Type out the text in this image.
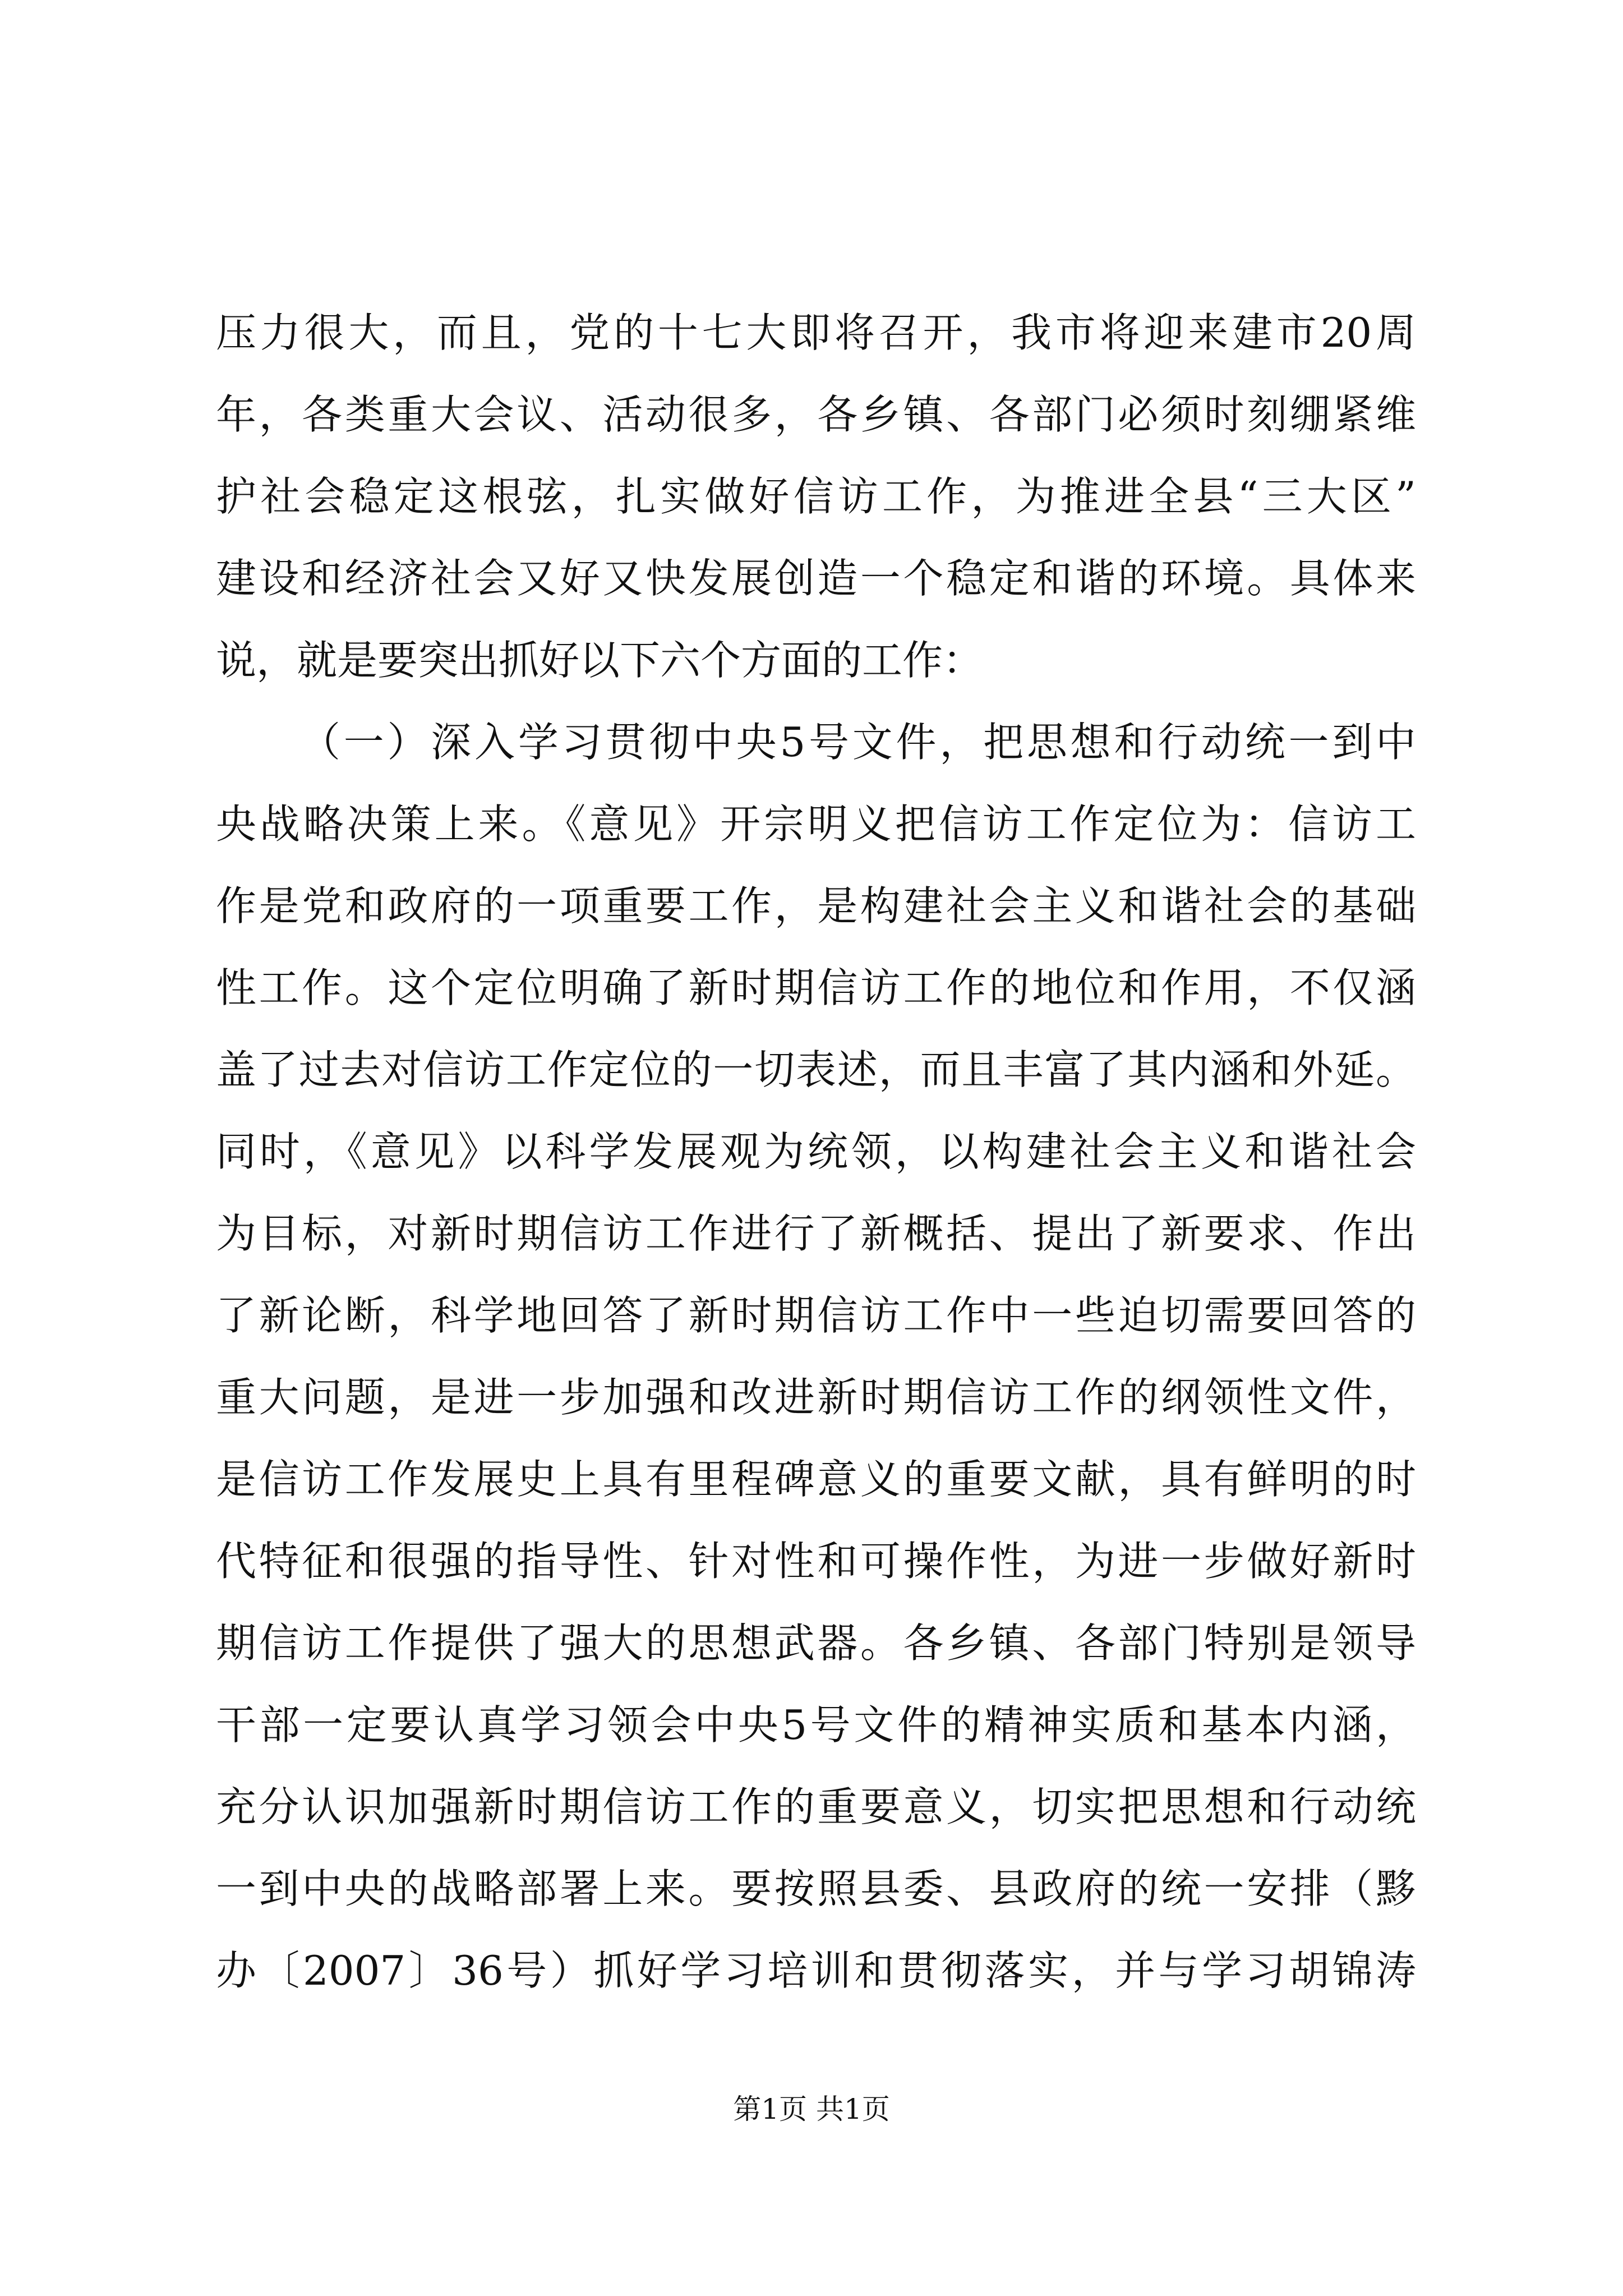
压力很大，而且，党的十七大即将召开，我市将迎来建市20周
年，各类重大会议、活动很多，各乡镇、各部门必须时刻绷紧维
护社会稳定这根弦，扎实做好信访工作，为推进全县“三大区”
建设和经济社会又好又快发展创造一个稳定和谐的环境。具体来
说，就是要突出抓好以下六个方面的工作：
（一）深入学习贯彻中央5号文件，把思想和行动统一到中
央战略决策上来。《意见》开宗明义把信访工作定位为：信访工
作是党和政府的一项重要工作，是构建社会主义和谐社会的基础
性工作。这个定位明确了新时期信访工作的地位和作用，不仅涵
盖了过去对信访工作定位的一切表述，而且丰富了其内涵和外延。
同时，《意见》以科学发展观为统领，以构建社会主义和谐社会
为目标，对新时期信访工作进行了新概括、提出了新要求、作出
了新论断，科学地回答了新时期信访工作中一些迫切需要回答的
重大问题，是进一步加强和改进新时期信访工作的纲领性文件，
是信访工作发展史上具有里程碑意义的重要文献，具有鲜明的时
代特征和很强的指导性、针对性和可操作性，为进一步做好新时
期信访工作提供了强大的思想武器。各乡镇、各部门特别是领导
干部一定要认真学习领会中央5号文件的精神实质和基本内涵，
充分认识加强新时期信访工作的重要意义，切实把思想和行动统
一到中央的战略部署上来。要按照县委、县政府的统一安排（黟
办〔2007〕36号）抓好学习培训和贯彻落实，并与学习胡锦涛
第1页 共1页
